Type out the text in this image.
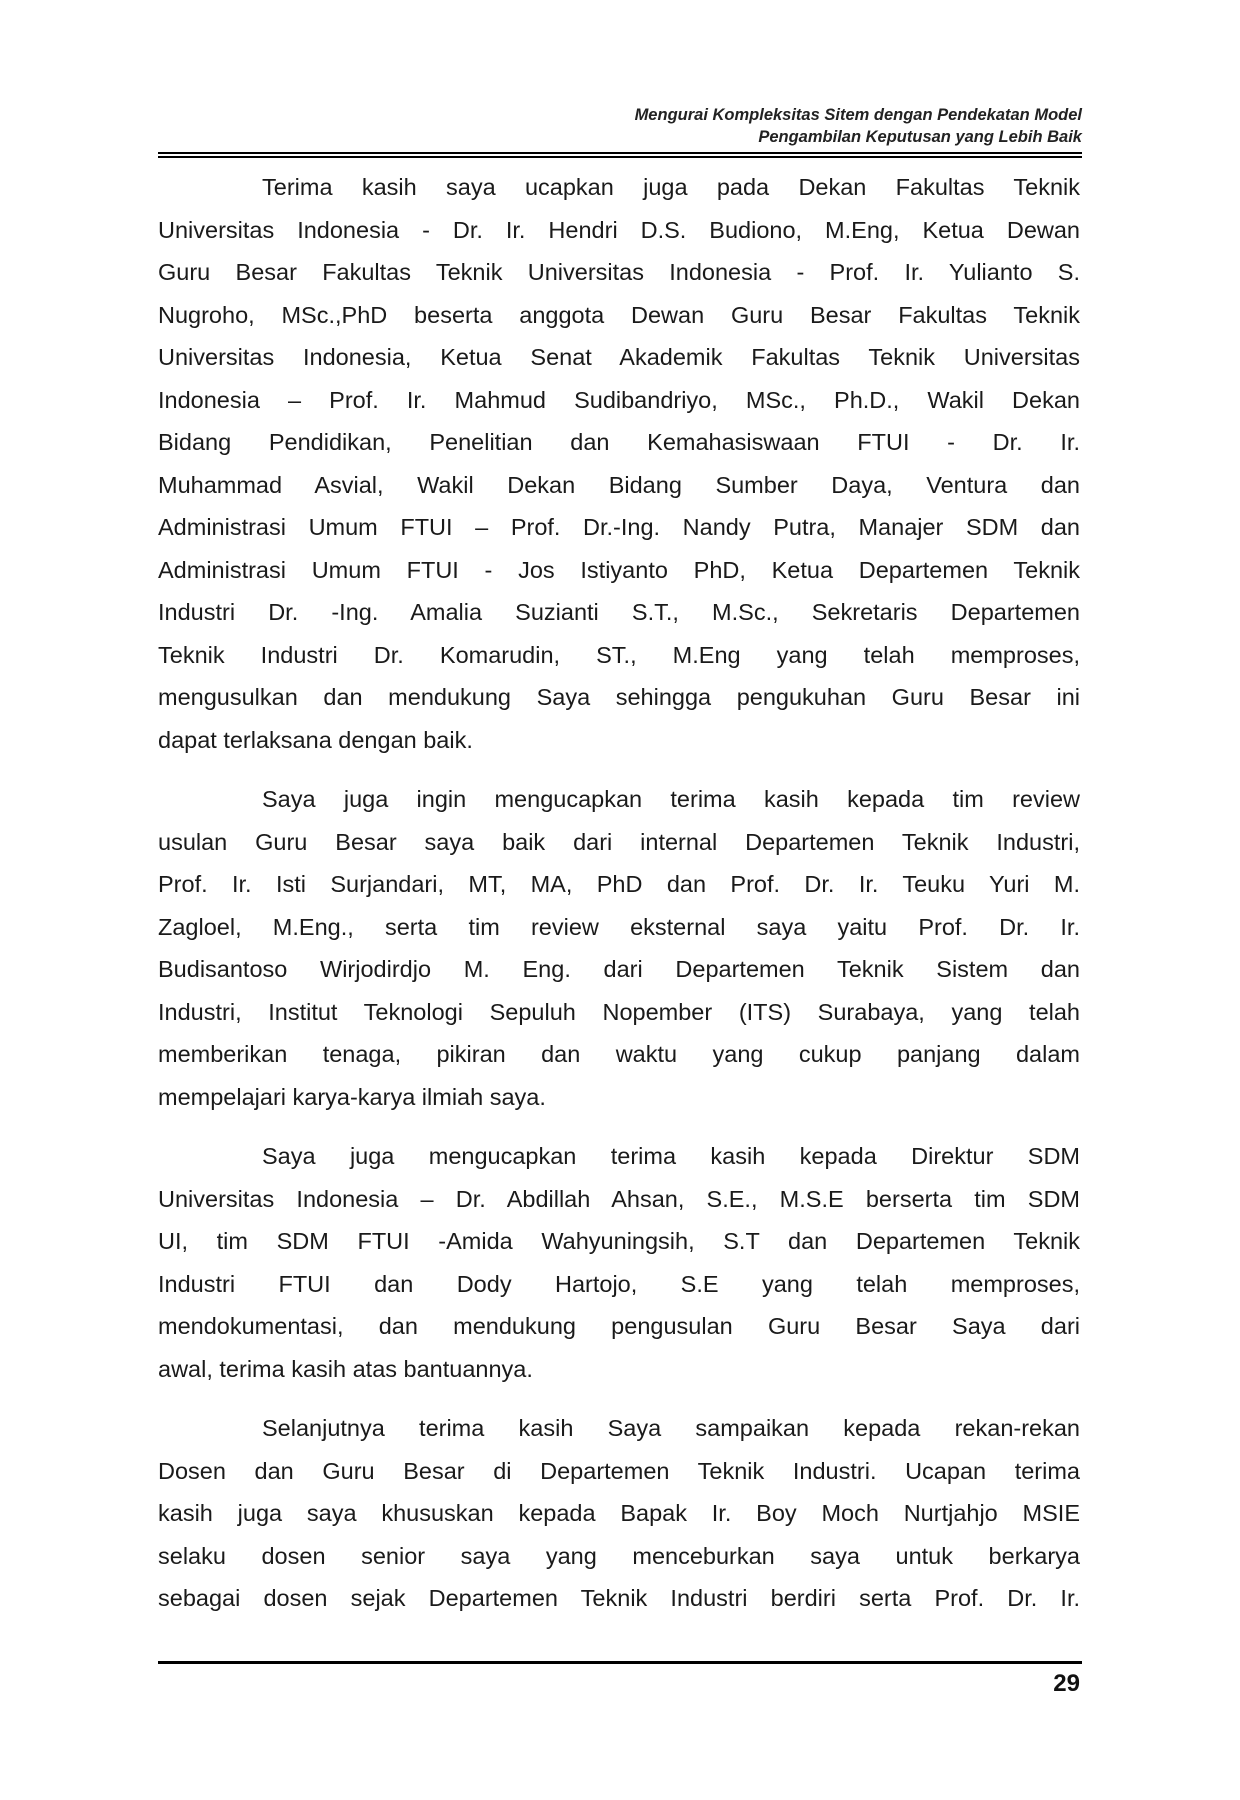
Mengurai Kompleksitas Sitem dengan Pendekatan Model
Pengambilan Keputusan yang Lebih Baik
Terima kasih saya ucapkan juga pada Dekan Fakultas Teknik
Universitas Indonesia - Dr. Ir. Hendri D.S. Budiono, M.Eng, Ketua Dewan
Guru Besar Fakultas Teknik Universitas Indonesia - Prof. Ir. Yulianto S.
Nugroho, MSc.,PhD beserta anggota Dewan Guru Besar Fakultas Teknik
Universitas Indonesia, Ketua Senat Akademik Fakultas Teknik Universitas
Indonesia – Prof. Ir. Mahmud Sudibandriyo, MSc., Ph.D., Wakil Dekan
Bidang Pendidikan, Penelitian dan Kemahasiswaan FTUI - Dr. Ir.
Muhammad Asvial, Wakil Dekan Bidang Sumber Daya, Ventura dan
Administrasi Umum FTUI – Prof. Dr.-Ing. Nandy Putra, Manajer SDM dan
Administrasi Umum FTUI - Jos Istiyanto PhD, Ketua Departemen Teknik
Industri Dr. -Ing. Amalia Suzianti S.T., M.Sc., Sekretaris Departemen
Teknik Industri Dr. Komarudin, ST., M.Eng yang telah memproses,
mengusulkan dan mendukung Saya sehingga pengukuhan Guru Besar ini
dapat terlaksana dengan baik.
Saya juga ingin mengucapkan terima kasih kepada tim review
usulan Guru Besar saya baik dari internal Departemen Teknik Industri,
Prof. Ir. Isti Surjandari, MT, MA, PhD dan Prof. Dr. Ir. Teuku Yuri M.
Zagloel, M.Eng., serta tim review eksternal saya yaitu Prof. Dr. Ir.
Budisantoso Wirjodirdjo M. Eng. dari Departemen Teknik Sistem dan
Industri, Institut Teknologi Sepuluh Nopember (ITS) Surabaya, yang telah
memberikan tenaga, pikiran dan waktu yang cukup panjang dalam
mempelajari karya-karya ilmiah saya.
Saya juga mengucapkan terima kasih kepada Direktur SDM
Universitas Indonesia – Dr. Abdillah Ahsan, S.E., M.S.E berserta tim SDM
UI, tim SDM FTUI -Amida Wahyuningsih, S.T dan Departemen Teknik
Industri FTUI dan Dody Hartojo, S.E yang telah memproses,
mendokumentasi, dan mendukung pengusulan Guru Besar Saya dari
awal, terima kasih atas bantuannya.
Selanjutnya terima kasih Saya sampaikan kepada rekan-rekan
Dosen dan Guru Besar di Departemen Teknik Industri. Ucapan terima
kasih juga saya khususkan kepada Bapak Ir. Boy Moch Nurtjahjo MSIE
selaku dosen senior saya yang menceburkan saya untuk berkarya
sebagai dosen sejak Departemen Teknik Industri berdiri serta Prof. Dr. Ir.
29
